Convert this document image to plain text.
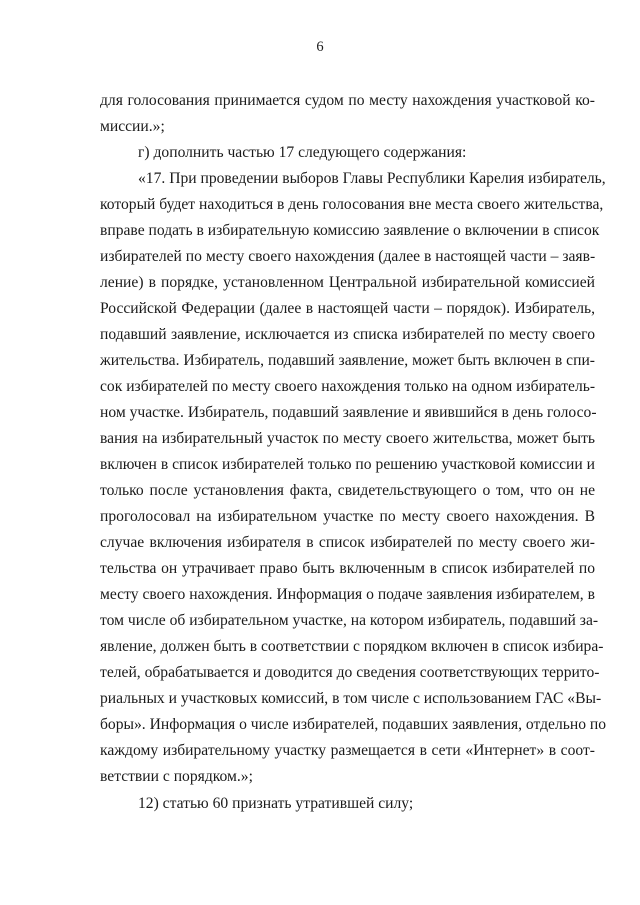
6
для голосования принимается судом по месту нахождения участковой ко-
миссии.»;
г) дополнить частью 17 следующего содержания:
«17. При проведении выборов Главы Республики Карелия избиратель,
который будет находиться в день голосования вне места своего жительства,
вправе подать в избирательную комиссию заявление о включении в список
избирателей по месту своего нахождения (далее в настоящей части – заяв-
ление) в порядке, установленном Центральной избирательной комиссией
Российской Федерации (далее в настоящей части – порядок). Избиратель,
подавший заявление, исключается из списка избирателей по месту своего
жительства. Избиратель, подавший заявление, может быть включен в спи-
сок избирателей по месту своего нахождения только на одном избиратель-
ном участке. Избиратель, подавший заявление и явившийся в день голосо-
вания на избирательный участок по месту своего жительства, может быть
включен в список избирателей только по решению участковой комиссии и
только после установления факта, свидетельствующего о том, что он не
проголосовал на избирательном участке по месту своего нахождения. В
случае включения избирателя в список избирателей по месту своего жи-
тельства он утрачивает право быть включенным в список избирателей по
месту своего нахождения. Информация о подаче заявления избирателем, в
том числе об избирательном участке, на котором избиратель, подавший за-
явление, должен быть в соответствии с порядком включен в список избира-
телей, обрабатывается и доводится до сведения соответствующих террито-
риальных и участковых комиссий, в том числе с использованием ГАС «Вы-
боры». Информация о числе избирателей, подавших заявления, отдельно по
каждому избирательному участку размещается в сети «Интернет» в соот-
ветствии с порядком.»;
12) статью 60 признать утратившей силу;
